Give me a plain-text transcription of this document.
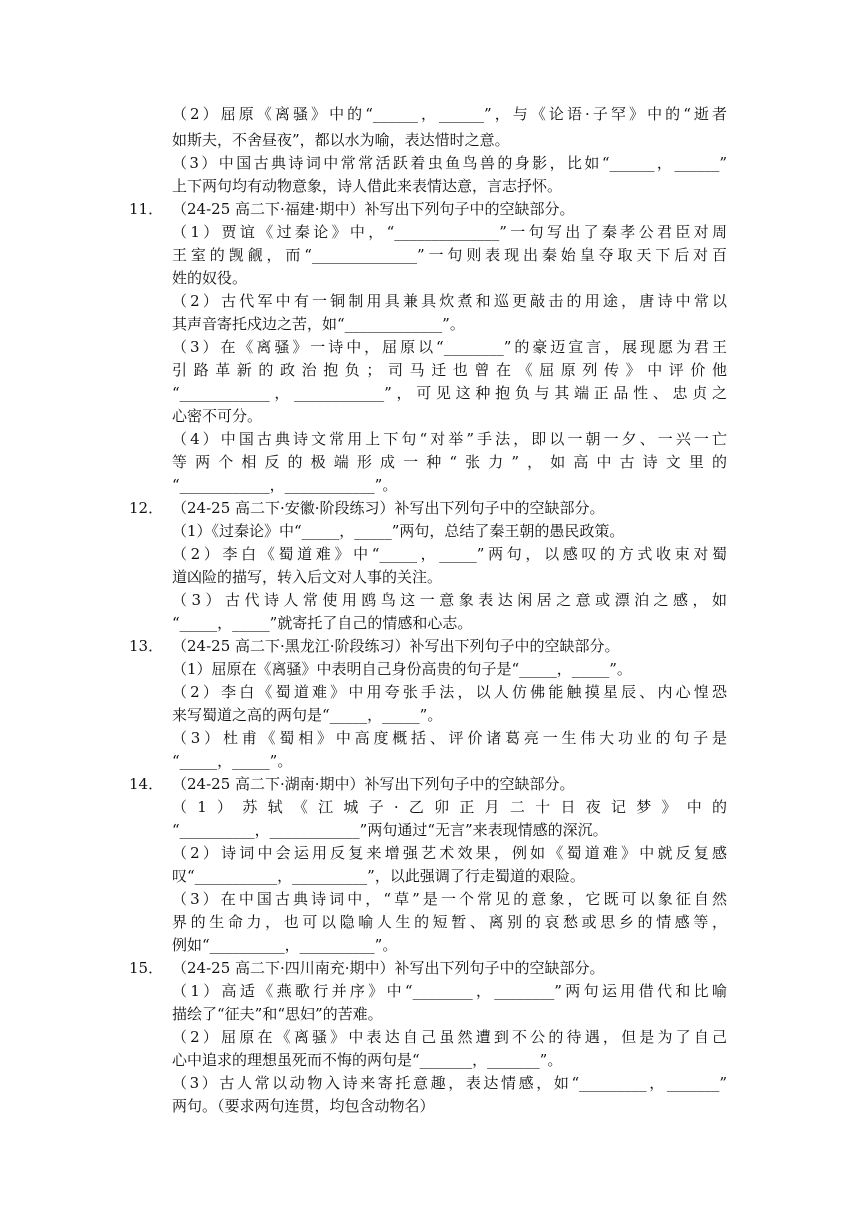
（2）屈原《离骚》中的“______，______”，与《论语·子罕》中的“逝者
如斯夫，不舍昼夜”，都以水为喻，表达惜时之意。
（3）中国古典诗词中常常活跃着虫鱼鸟兽的身影，比如“______，______”
上下两句均有动物意象，诗人借此来表情达意，言志抒怀。
11． （24-25 高二下·福建·期中）补写出下列句子中的空缺部分。
（1）贾谊《过秦论》中，“______________”一句写出了秦孝公君臣对周
王室的觊觎，而“______________”一句则表现出秦始皇夺取天下后对百
姓的奴役。
（2）古代军中有一铜制用具兼具炊煮和巡更敲击的用途，唐诗中常以
其声音寄托戍边之苦，如“_____________”。
（3）在《离骚》一诗中，屈原以“________”的豪迈宣言，展现愿为君王
引路革新的政治抱负；司马迁也曾在《屈原列传》中评价他
“____________，____________”，可见这种抱负与其端正品性、忠贞之
心密不可分。
（4）中国古典诗文常用上下句“对举”手法，即以一朝一夕、一兴一亡
等两个相反的极端形成一种“张力”，如高中古诗文里的
“____________，____________”。
12． （24-25 高二下·安徽·阶段练习）补写出下列句子中的空缺部分。
（1）《过秦论》中“_____，_____”两句，总结了秦王朝的愚民政策。
（2）李白《蜀道难》中“_____，_____”两句，以感叹的方式收束对蜀
道凶险的描写，转入后文对人事的关注。
（3）古代诗人常使用鸥鸟这一意象表达闲居之意或漂泊之感，如
“_____，_____”就寄托了自己的情感和心志。
13． （24-25 高二下·黑龙江·阶段练习）补写出下列句子中的空缺部分。
（1）屈原在《离骚》中表明自己身份高贵的句子是“_____，_____”。
（2）李白《蜀道难》中用夸张手法，以人仿佛能触摸星辰、内心惶恐
来写蜀道之高的两句是“_____，_____”。
（3）杜甫《蜀相》中高度概括、评价诸葛亮一生伟大功业的句子是
“_____，_____”。
14． （24-25 高二下·湖南·期中）补写出下列句子中的空缺部分。
（1）苏轼《江城子·乙卯正月二十日夜记梦》中的
“__________，____________”两句通过“无言”来表现情感的深沉。
（2）诗词中会运用反复来增强艺术效果，例如《蜀道难》中就反复感
叹“___________，__________”，以此强调了行走蜀道的艰险。
（3）在中国古典诗词中，“草”是一个常见的意象，它既可以象征自然
界的生命力，也可以隐喻人生的短暂、离别的哀愁或思乡的情感等，
例如“__________，__________”。
15． （24-25 高二下·四川南充·期中）补写出下列句子中的空缺部分。
（1）高适《燕歌行并序》中“________，________”两句运用借代和比喻
描绘了“征夫”和“思妇”的苦难。
（2）屈原在《离骚》中表达自己虽然遭到不公的待遇，但是为了自己
心中追求的理想虽死而不悔的两句是“_______，_______”。
（3）古人常以动物入诗来寄托意趣，表达情感，如“_________，_______”
两句。（要求两句连贯，均包含动物名）
